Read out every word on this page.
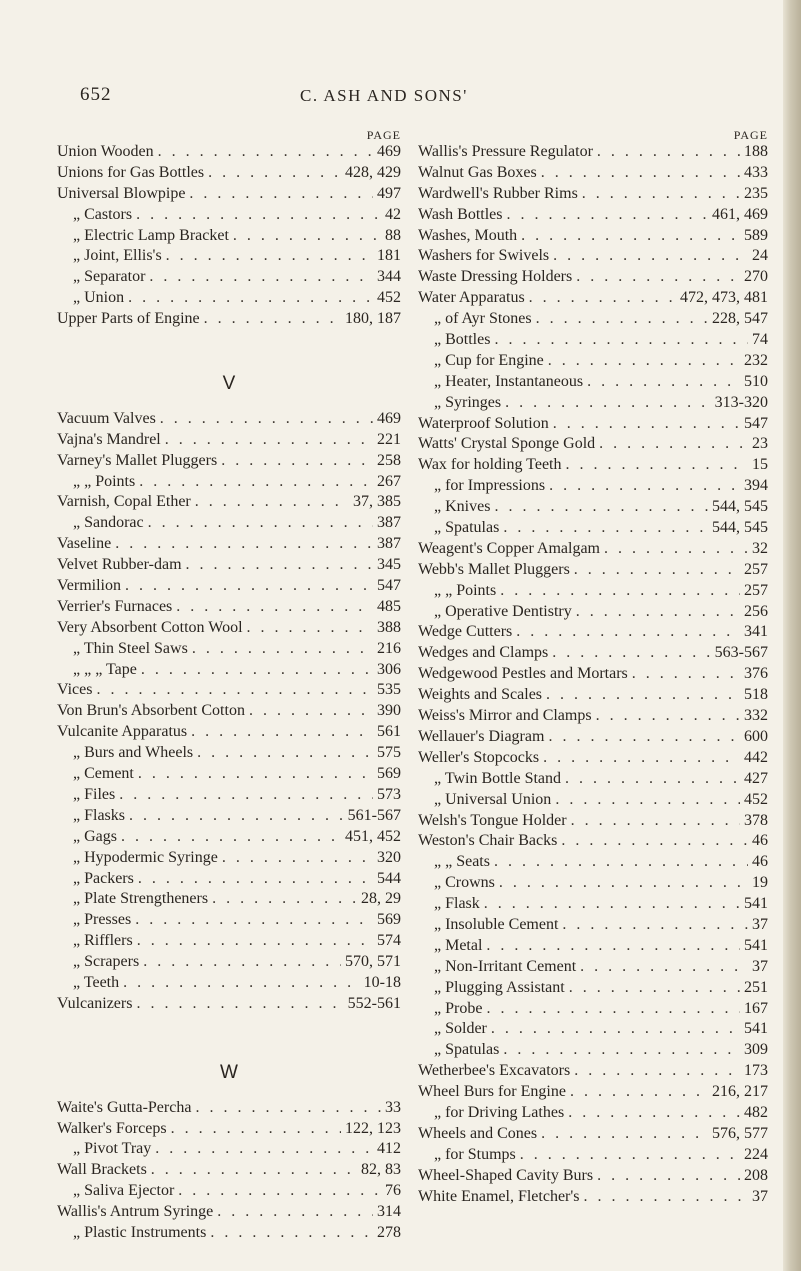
652	C. ASH AND SONS'
PAGE
Union Wooden . . .	469
Unions for Gas Bottles . . .	428, 429
Universal Blowpipe . . .	497
„ Castors . . .	42
„ Electric Lamp Bracket . . .	88
„ Joint, Ellis's . . .	181
„ Separator . . .	344
„ Union . . .	452
Upper Parts of Engine . . .	180, 187
V
Vacuum Valves . . .	469
Vajna's Mandrel . . .	221
Varney's Mallet Pluggers . . .	258
„ „ Points . . .	267
Varnish, Copal Ether . . .	37, 385
„ Sandorac . . .	387
Vaseline . . .	387
Velvet Rubber-dam . . .	345
Vermilion . . .	547
Verrier's Furnaces . . .	485
Very Absorbent Cotton Wool . . .	388
„ Thin Steel Saws . . .	216
„ „ „ Tape . . .	306
Vices . . .	535
Von Brun's Absorbent Cotton . . .	390
Vulcanite Apparatus . . .	561
„ Burs and Wheels . . .	575
„ Cement . . .	569
„ Files . . .	573
„ Flasks . . .	561-567
„ Gags . . .	451, 452
„ Hypodermic Syringe . . .	320
„ Packers . . .	544
„ Plate Strengtheners . . .	28, 29
„ Presses . . .	569
„ Rifflers . . .	574
„ Scrapers . . .	570, 571
„ Teeth . . .	10-18
Vulcanizers . . .	552-561
W
Waite's Gutta-Percha . . .	33
Walker's Forceps . . .	122, 123
„ Pivot Tray . . .	412
Wall Brackets . . .	82, 83
„ Saliva Ejector . . .	76
Wallis's Antrum Syringe . . .	314
„ Plastic Instruments . . .	278
PAGE
Wallis's Pressure Regulator . . .	188
Walnut Gas Boxes . . .	433
Wardwell's Rubber Rims . . .	235
Wash Bottles . . .	461, 469
Washes, Mouth . . .	589
Washers for Swivels . . .	24
Waste Dressing Holders . . .	270
Water Apparatus . . .	472, 473, 481
„ of Ayr Stones . . .	228, 547
„ Bottles . . .	74
„ Cup for Engine . . .	232
„ Heater, Instantaneous . . .	510
„ Syringes . . .	313-320
Waterproof Solution . . .	547
Watts' Crystal Sponge Gold . . .	23
Wax for holding Teeth . . .	15
„ for Impressions . . .	394
„ Knives . . .	544, 545
„ Spatulas . . .	544, 545
Weagent's Copper Amalgam . . .	32
Webb's Mallet Pluggers . . .	257
„ „ Points . . .	257
„ Operative Dentistry . . .	256
Wedge Cutters . . .	341
Wedges and Clamps . . .	563-567
Wedgewood Pestles and Mortars . . .	376
Weights and Scales . . .	518
Weiss's Mirror and Clamps . . .	332
Wellauer's Diagram . . .	600
Weller's Stopcocks . . .	442
„ Twin Bottle Stand . . .	427
„ Universal Union . . .	452
Welsh's Tongue Holder . . .	378
Weston's Chair Backs . . .	46
„ „ Seats . . .	46
„ Crowns . . .	19
„ Flask . . .	541
„ Insoluble Cement . . .	37
„ Metal . . .	541
„ Non-Irritant Cement . . .	37
„ Plugging Assistant . . .	251
„ Probe . . .	167
„ Solder . . .	541
„ Spatulas . . .	309
Wetherbee's Excavators . . .	173
Wheel Burs for Engine . . .	216, 217
„ for Driving Lathes . . .	482
Wheels and Cones . . .	576, 577
„ for Stumps . . .	224
Wheel-Shaped Cavity Burs . . .	208
White Enamel, Fletcher's . . .	37
